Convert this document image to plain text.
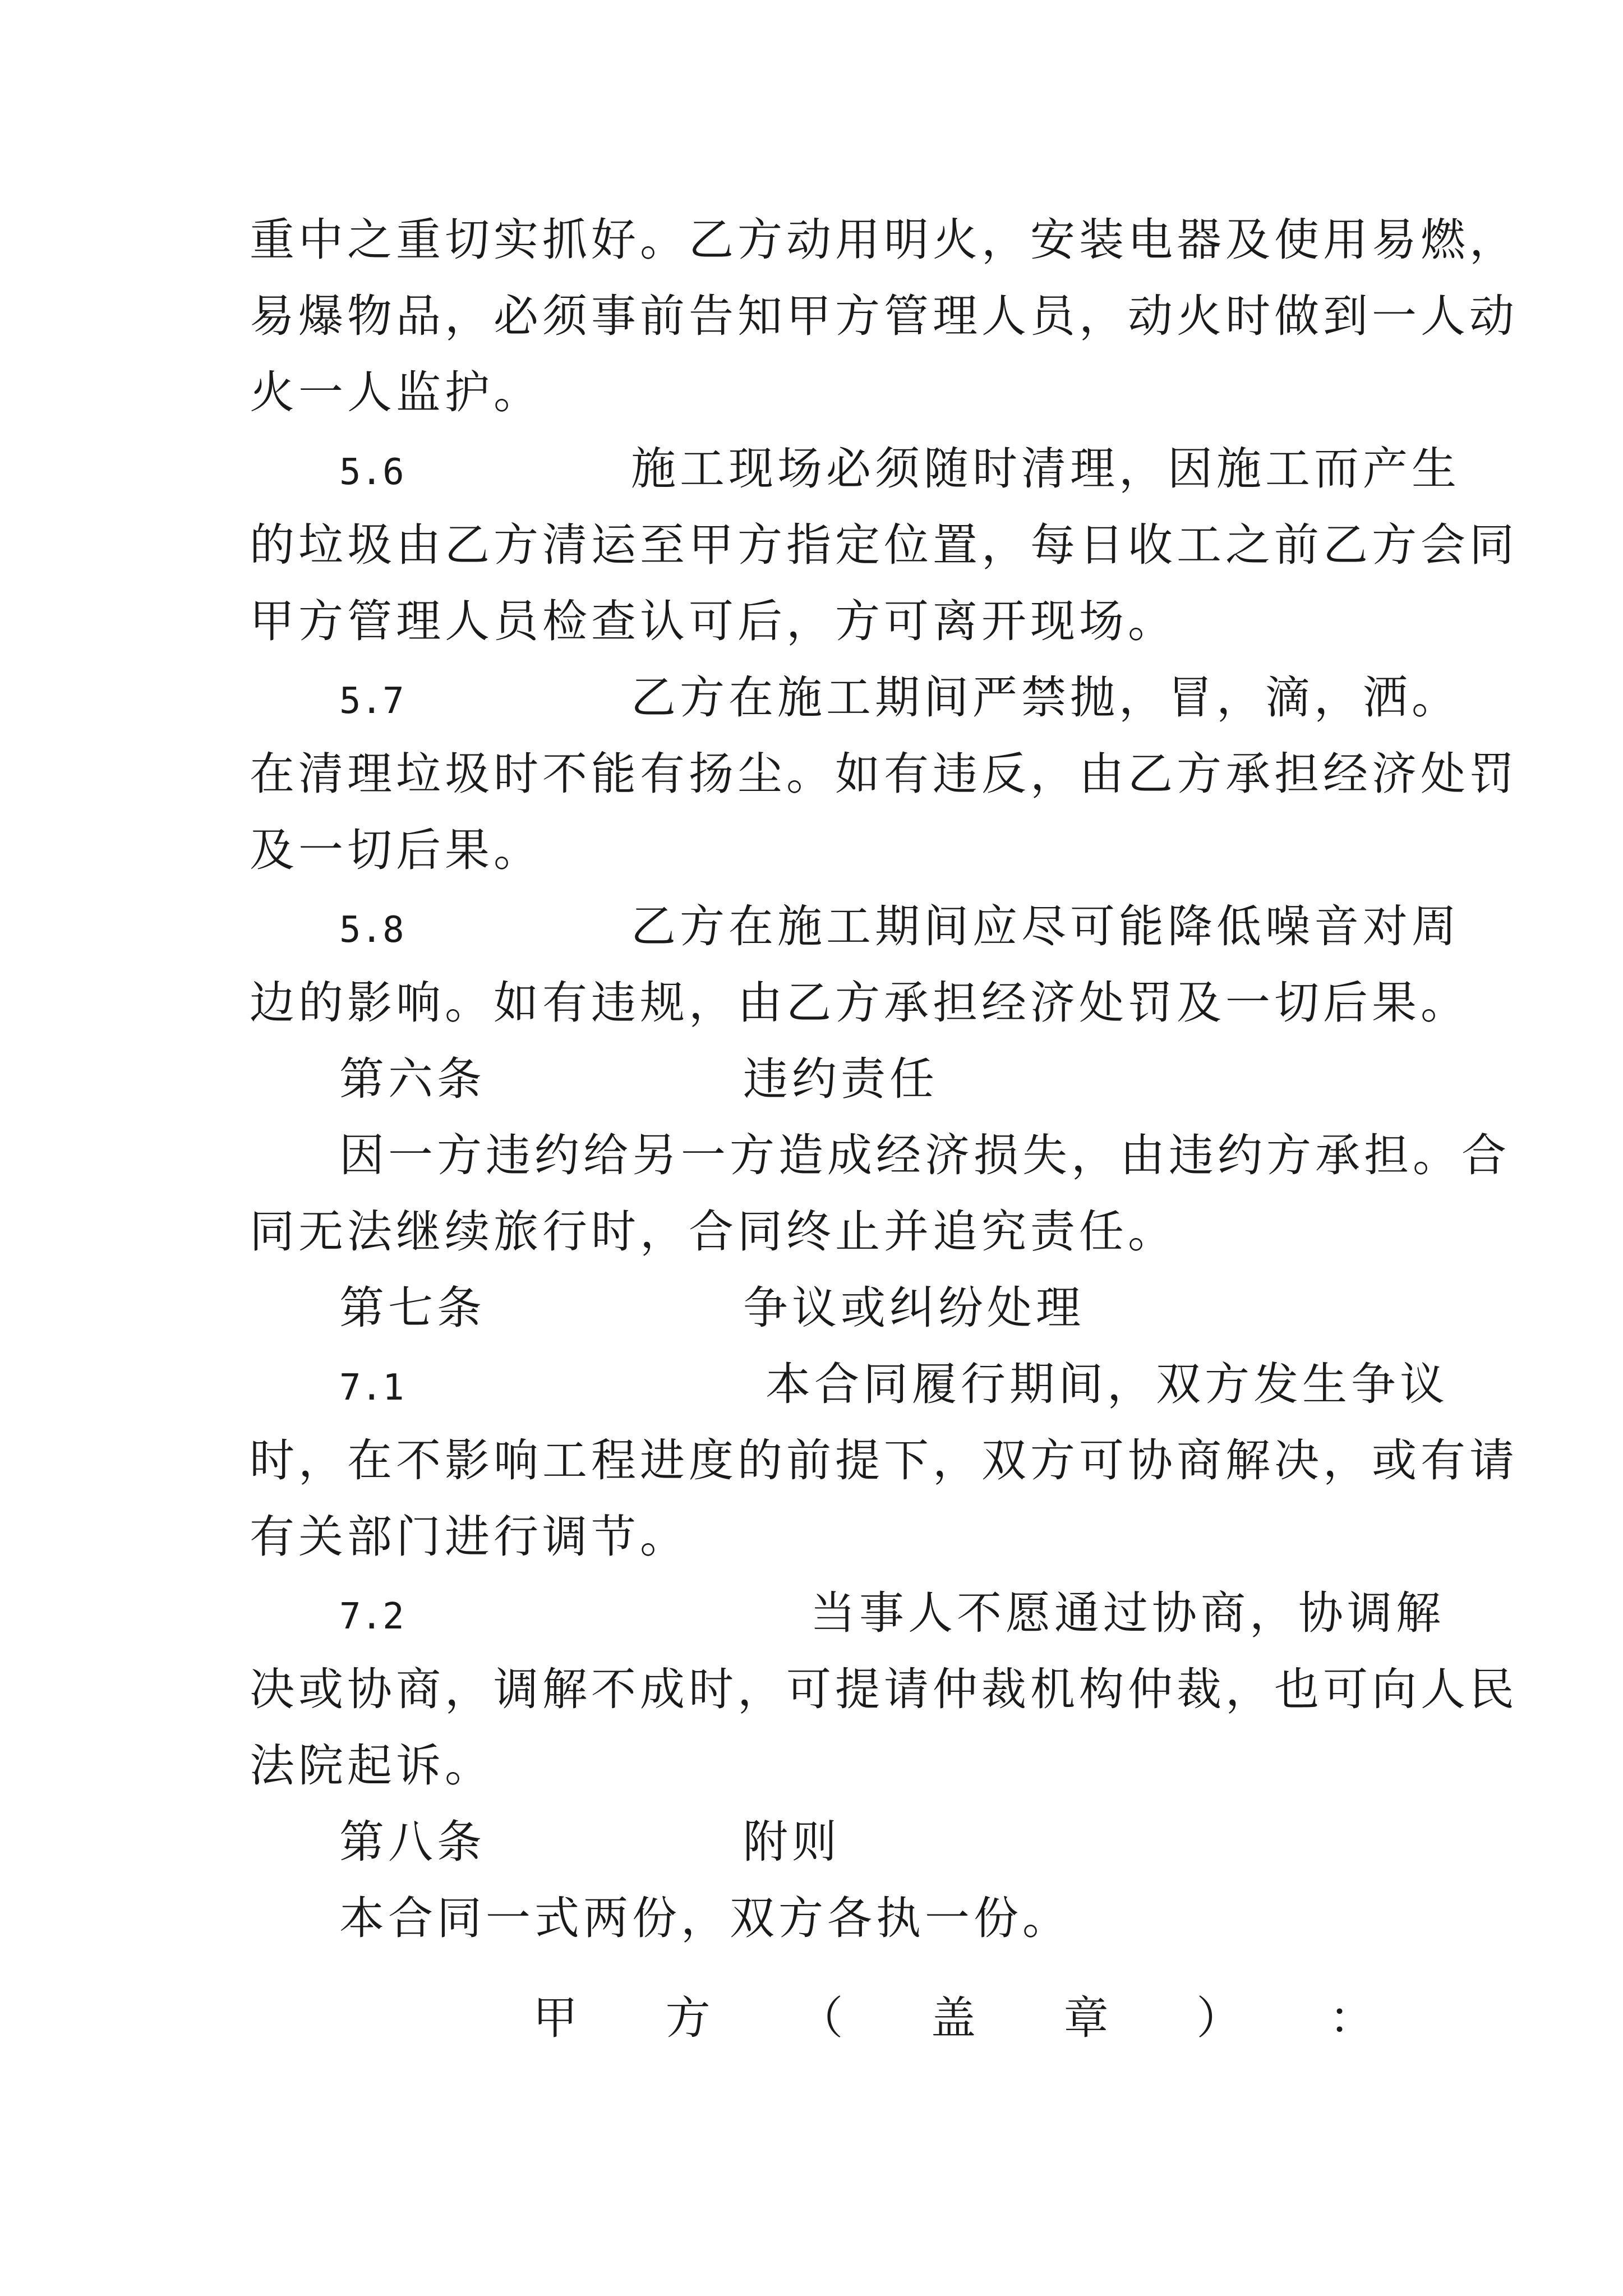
重中之重切实抓好。乙方动用明火，安装电器及使用易燃，
易爆物品，必须事前告知甲方管理人员，动火时做到一人动
火一人监护。
5.6	施工现场必须随时清理，因施工而产生
的垃圾由乙方清运至甲方指定位置，每日收工之前乙方会同
甲方管理人员检查认可后，方可离开现场。
5.7	乙方在施工期间严禁抛，冒，滴，洒。
在清理垃圾时不能有扬尘。如有违反，由乙方承担经济处罚
及一切后果。
5.8	乙方在施工期间应尽可能降低噪音对周
边的影响。如有违规，由乙方承担经济处罚及一切后果。
第六条	违约责任
因一方违约给另一方造成经济损失，由违约方承担。合
同无法继续旅行时，合同终止并追究责任。
第七条	争议或纠纷处理
7.1	本合同履行期间，双方发生争议
时，在不影响工程进度的前提下，双方可协商解决，或有请
有关部门进行调节。
7.2	当事人不愿通过协商，协调解
决或协商，调解不成时，可提请仲裁机构仲裁，也可向人民
法院起诉。
第八条	附则
本合同一式两份，双方各执一份。
甲 方 （ 盖 章 ） ：
